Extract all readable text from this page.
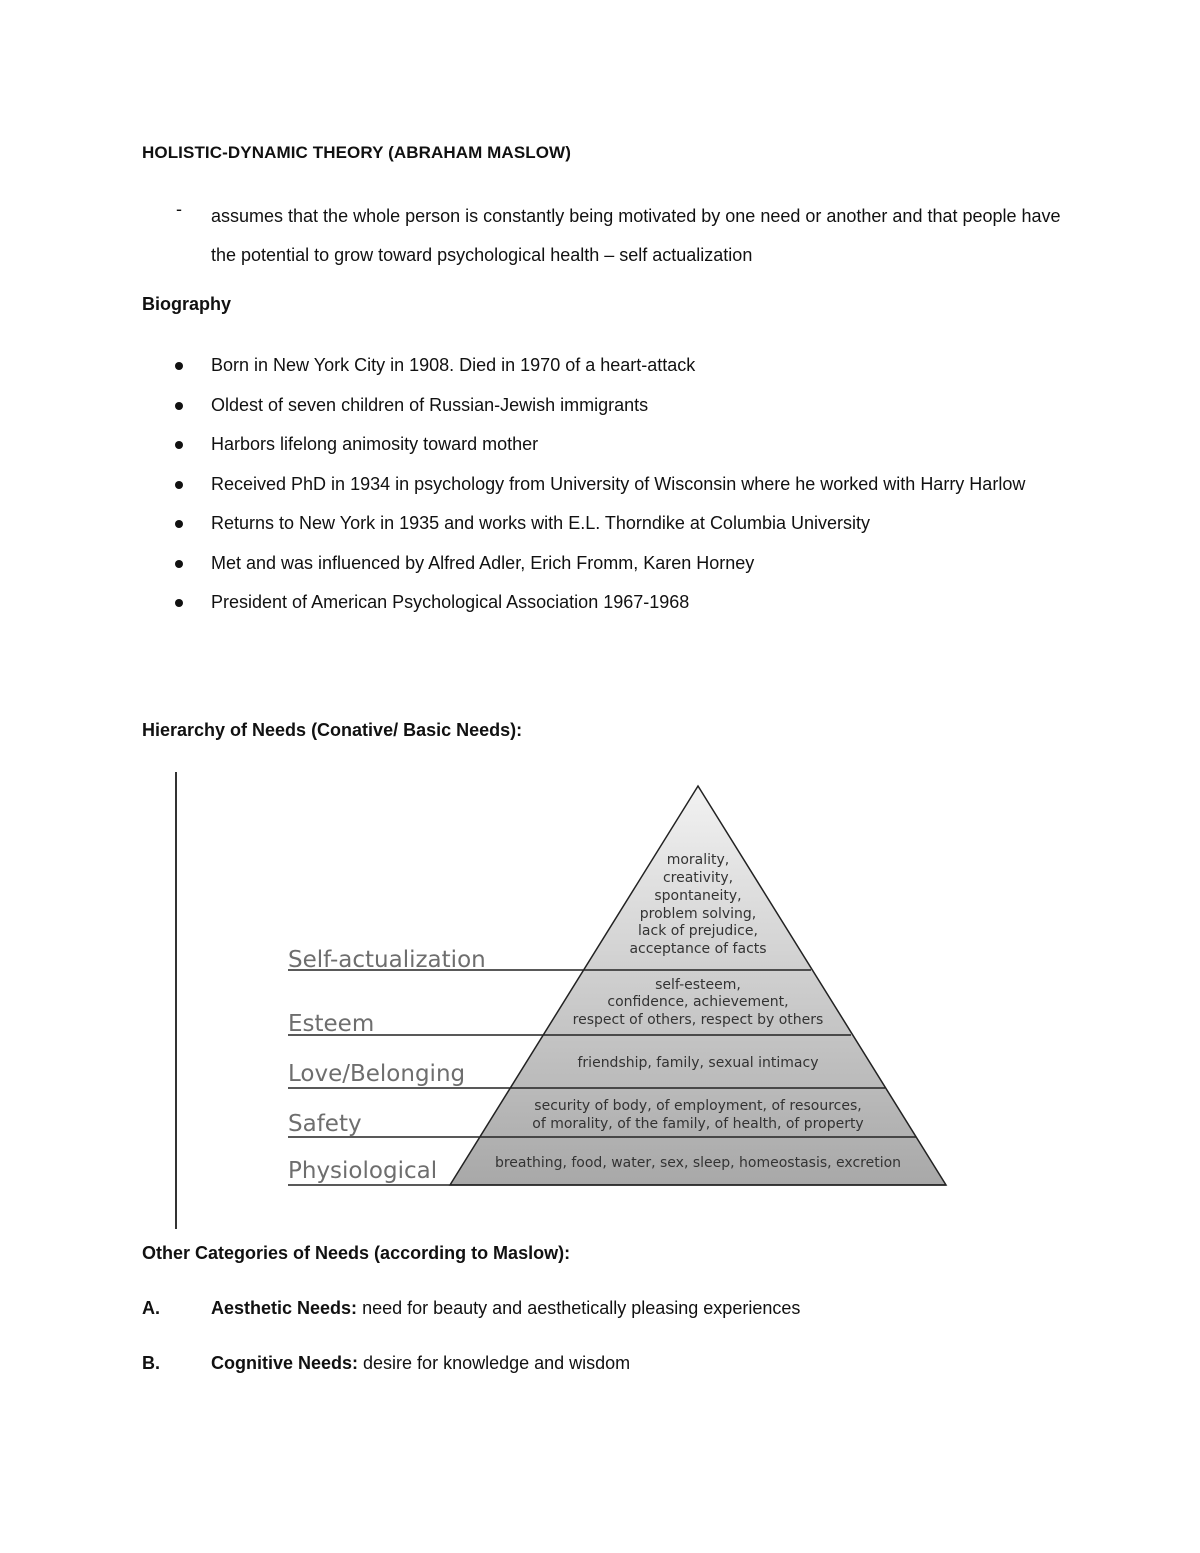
HOLISTIC-DYNAMIC THEORY (ABRAHAM MASLOW)
- assumes that the whole person is constantly being motivated by one need or another and that people have the potential to grow toward psychological health – self actualization
Biography
Born in New York City in 1908. Died in 1970 of a heart-attack
Oldest of seven children of Russian-Jewish immigrants
Harbors lifelong animosity toward mother
Received PhD in 1934 in psychology from University of Wisconsin where he worked with Harry Harlow
Returns to New York in 1935 and works with E.L. Thorndike at Columbia University
Met and was influenced by Alfred Adler, Erich Fromm, Karen Horney
President of American Psychological Association 1967-1968
Hierarchy of Needs (Conative/ Basic Needs):
Self-actualization
Esteem
Love/Belonging
Safety
Physiological
morality,
creativity,
spontaneity,
problem solving,
lack of prejudice,
acceptance of facts
self-esteem,
confidence, achievement,
respect of others, respect by others
friendship, family, sexual intimacy
security of body, of employment, of resources,
of morality, of the family, of health, of property
breathing, food, water, sex, sleep, homeostasis, excretion
Other Categories of Needs (according to Maslow):
A.	Aesthetic Needs: need for beauty and aesthetically pleasing experiences
B.	Cognitive Needs: desire for knowledge and wisdom
